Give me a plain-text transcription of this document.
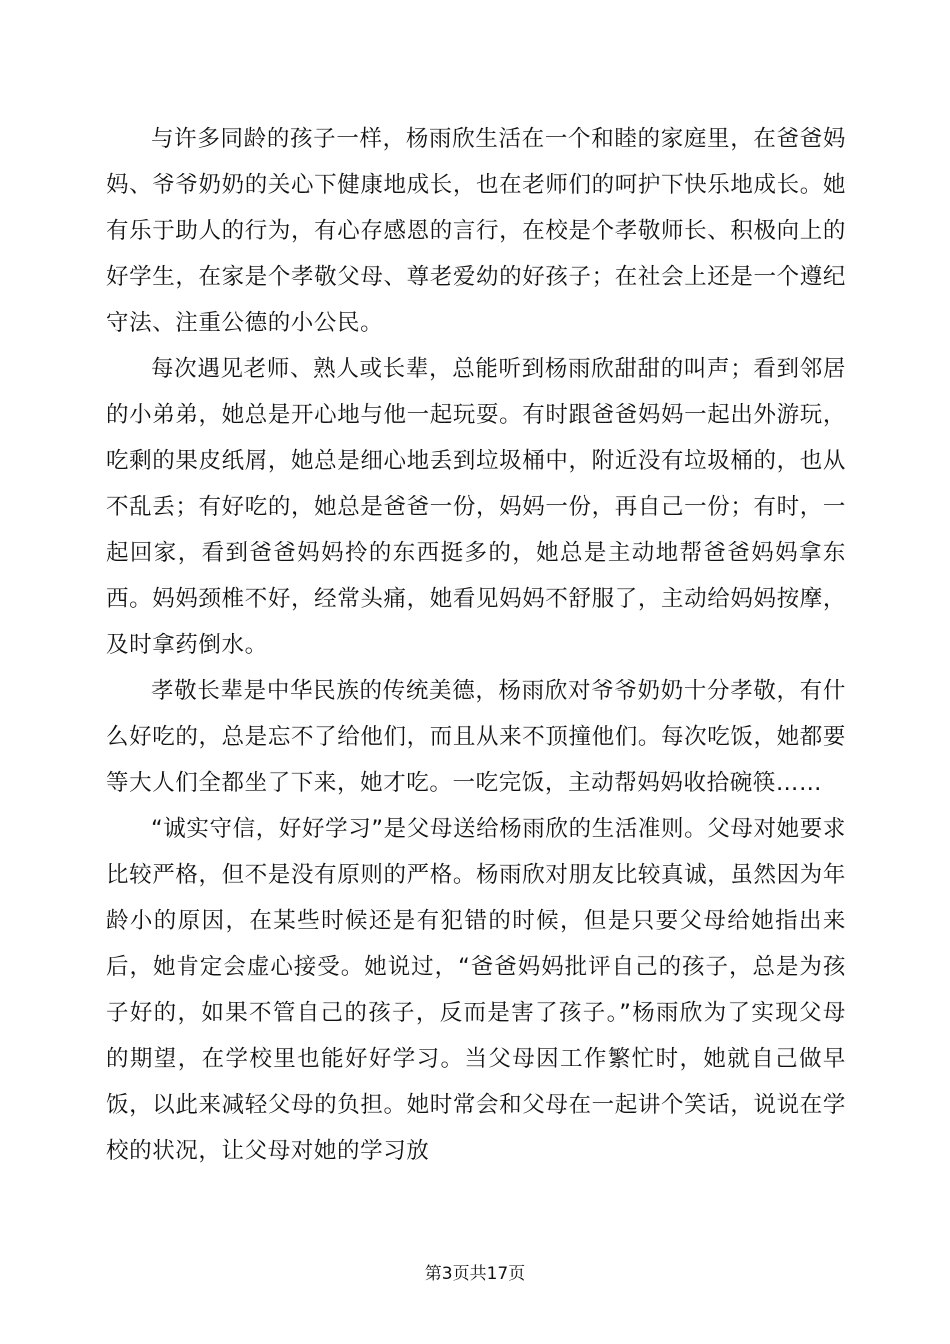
与许多同龄的孩子一样，杨雨欣生活在一个和睦的家庭里，在爸爸妈妈、爷爷奶奶的关心下健康地成长，也在老师们的呵护下快乐地成长。她有乐于助人的行为，有心存感恩的言行，在校是个孝敬师长、积极向上的好学生，在家是个孝敬父母、尊老爱幼的好孩子；在社会上还是一个遵纪守法、注重公德的小公民。

每次遇见老师、熟人或长辈，总能听到杨雨欣甜甜的叫声；看到邻居的小弟弟，她总是开心地与他一起玩耍。有时跟爸爸妈妈一起出外游玩，吃剩的果皮纸屑，她总是细心地丢到垃圾桶中，附近没有垃圾桶的，也从不乱丢；有好吃的，她总是爸爸一份，妈妈一份，再自己一份；有时，一起回家，看到爸爸妈妈拎的东西挺多的，她总是主动地帮爸爸妈妈拿东西。妈妈颈椎不好，经常头痛，她看见妈妈不舒服了，主动给妈妈按摩，及时拿药倒水。

孝敬长辈是中华民族的传统美德，杨雨欣对爷爷奶奶十分孝敬，有什么好吃的，总是忘不了给他们，而且从来不顶撞他们。每次吃饭，她都要等大人们全都坐了下来，她才吃。一吃完饭，主动帮妈妈收拾碗筷……

“诚实守信，好好学习”是父母送给杨雨欣的生活准则。父母对她要求比较严格，但不是没有原则的严格。杨雨欣对朋友比较真诚，虽然因为年龄小的原因，在某些时候还是有犯错的时候，但是只要父母给她指出来后，她肯定会虚心接受。她说过，“爸爸妈妈批评自己的孩子，总是为孩子好的，如果不管自己的孩子，反而是害了孩子。”杨雨欣为了实现父母的期望，在学校里也能好好学习。当父母因工作繁忙时，她就自己做早饭，以此来减轻父母的负担。她时常会和父母在一起讲个笑话，说说在学校的状况，让父母对她的学习放

第3页共17页
